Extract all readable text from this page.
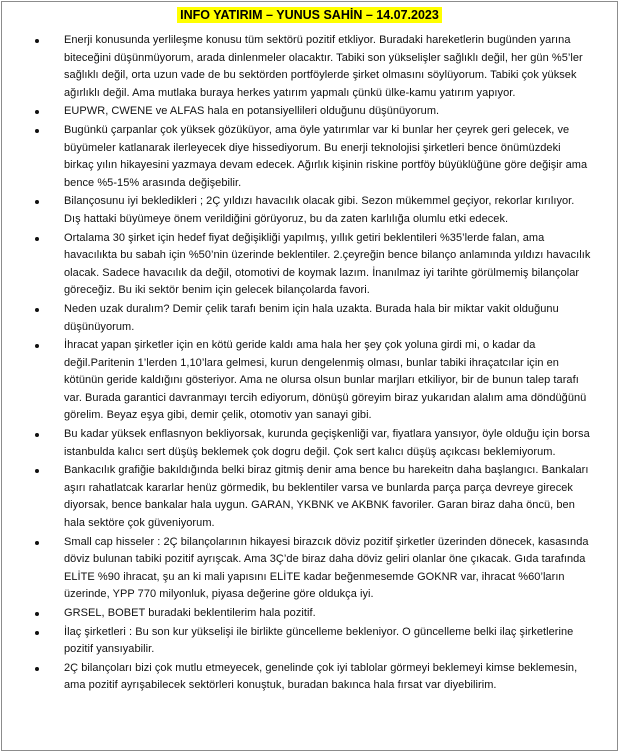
INFO YATIRIM – YUNUS SAHİN – 14.07.2023
Enerji konusunda yerlileşme konusu tüm sektörü pozitif etkliyor. Buradaki hareketlerin bugünden yarına biteceğini düşünmüyorum, arada dinlenmeler olacaktır. Tabiki son yükselişler sağlıklı değil, her gün %5’ler sağlıklı değil, orta uzun vade de bu sektörden portföylerde şirket olmasını söylüyorum. Tabiki çok yüksek ağırlıklı değil. Ama mutlaka buraya herkes yatırım yapmalı çünkü ülke-kamu yatırım yapıyor.
EUPWR, CWENE ve ALFAS hala en potansiyellileri olduğunu düşünüyorum.
Bugünkü çarpanlar çok yüksek gözüküyor, ama öyle yatırımlar var ki bunlar her çeyrek geri gelecek, ve büyümeler katlanarak ilerleyecek diye hissediyorum. Bu enerji teknolojisi şirketleri bence önümüzdeki birkaç yılın hikayesini yazmaya devam edecek. Ağırlık kişinin riskine portföy büyüklüğüne göre değişir ama bence %5-15% arasında değişebilir.
Bilançosunu iyi bekledikleri ; 2Ç yıldızı havacılık olacak gibi. Sezon mükemmel geçiyor, rekorlar kırılıyor. Dış hattaki büyümeye önem verildiğini görüyoruz, bu da zaten karlılığa olumlu etki edecek.
Ortalama 30 şirket için hedef fiyat değişikliği yapılmış, yıllık getiri beklentileri %35’lerde falan, ama havacılıkta bu sabah için %50’nin üzerinde beklentiler. 2.çeyreğin bence bilanço anlamında yıldızı havacılık olacak. Sadece havacılık da değil, otomotivi de koymak lazım. İnanılmaz iyi tarihte görülmemiş bilançolar göreceğiz. Bu iki sektör benim için gelecek bilançolarda favori.
Neden uzak duralım? Demir çelik tarafı benim için hala uzakta. Burada hala bir miktar vakit olduğunu düşünüyorum.
İhracat yapan şirketler için en kötü geride kaldı ama hala her şey çok yoluna girdi mi, o kadar da değil.Paritenin 1’lerden 1,10’lara gelmesi, kurun dengelenmiş olması, bunlar tabiki ihraçatcılar için en kötünün geride kaldığını gösteriyor. Ama ne olursa olsun bunlar marjları etkiliyor, bir de bunun talep tarafı var. Burada garantici davranmayı tercih ediyorum, dönüşü göreyim biraz yukarıdan alalım ama döndüğünü görelim. Beyaz eşya gibi, demir çelik, otomotiv yan sanayi gibi.
Bu kadar yüksek enflasnyon bekliyorsak, kurunda geçişkenliği var, fiyatlara yansıyor, öyle olduğu için borsa istanbulda kalıcı sert düşüş beklemek çok dogru değil. Çok sert kalıcı düşüş açıkcası beklemiyorum.
Bankacılık grafiğie bakıldığında belki biraz gitmiş denir ama bence bu harekeitn daha başlangıcı. Bankaları aşırı rahatlatcak kararlar henüz görmedik, bu beklentiler varsa ve bunlarda parça parça devreye girecek diyorsak, bence bankalar hala uygun. GARAN, YKBNK ve AKBNK favoriler. Garan biraz daha öncü, ben hala sektöre çok güveniyorum.
Small cap hisseler : 2Ç bilançolarının hikayesi birazcık döviz pozitif şirketler üzerinden dönecek, kasasında döviz bulunan tabiki pozitif ayrışcak. Ama 3Ç’de biraz daha döviz geliri olanlar öne çıkacak. Gıda tarafında ELİTE %90 ihracat, şu an ki mali yapısını ELİTE kadar beğenmesemde GOKNR var, ihracat %60’ların üzerinde, YPP 770 milyonluk, piyasa değerine göre oldukça iyi.
GRSEL, BOBET buradaki beklentilerim hala pozitif.
İlaç şirketleri : Bu son kur yükselişi ile birlikte güncelleme bekleniyor. O güncelleme belki ilaç şirketlerine pozitif yansıyabilir.
2Ç bilançoları bizi çok mutlu etmeyecek, genelinde çok iyi tablolar görmeyi beklemeyi kimse beklemesin, ama pozitif ayrışabilecek sektörleri konuştuk, buradan bakınca hala fırsat var diyebilirim.
